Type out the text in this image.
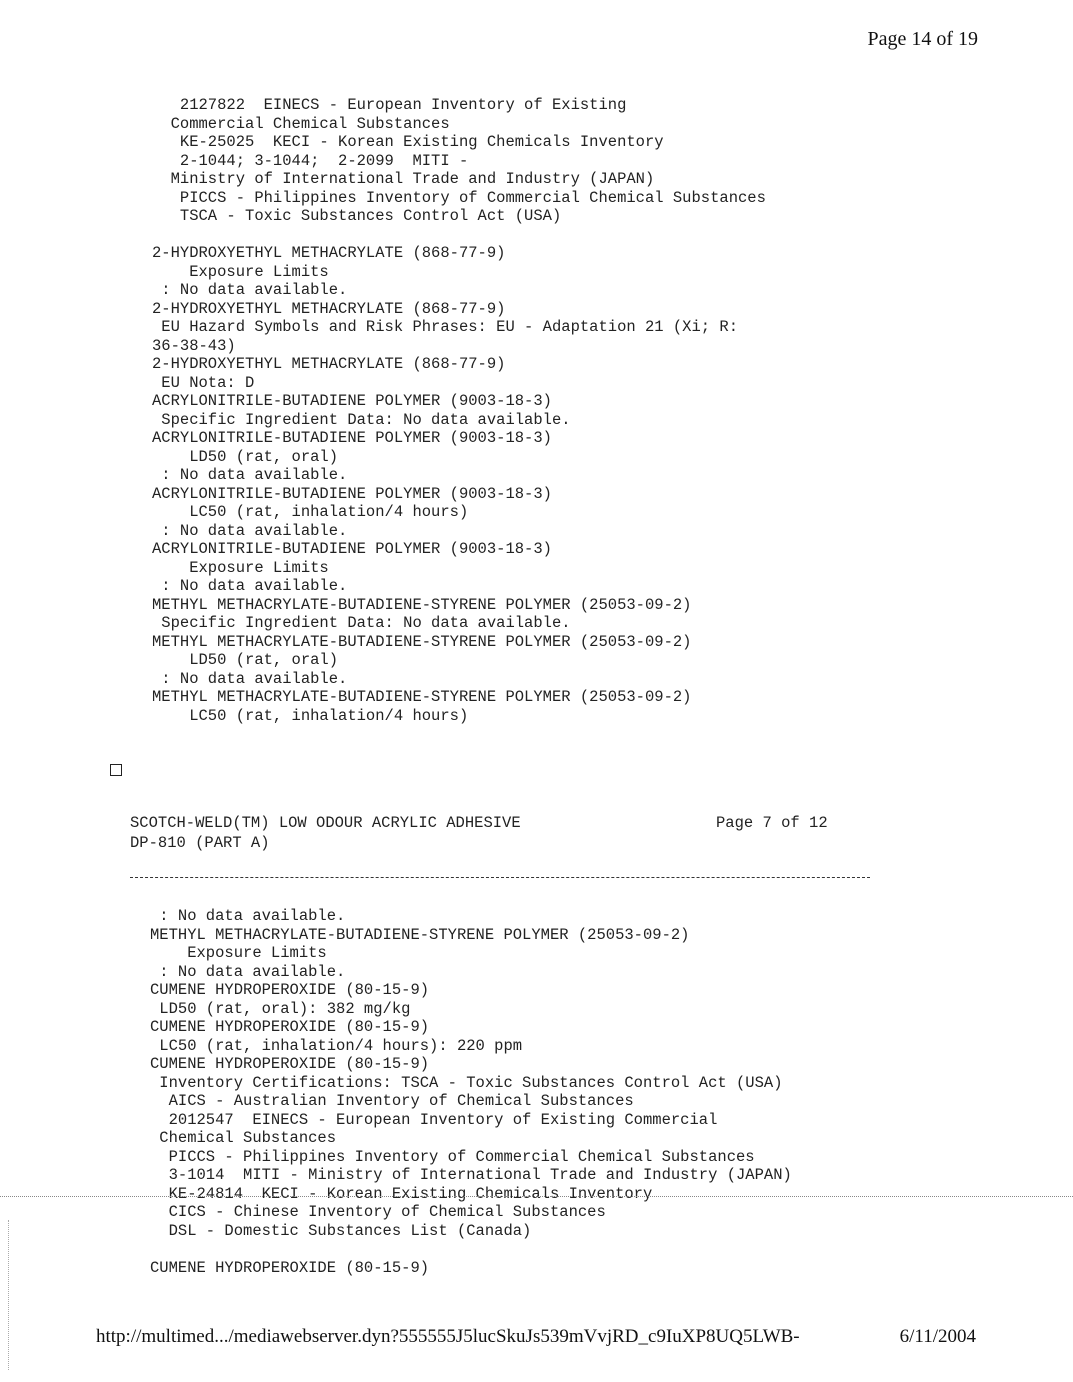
Page 14 of 19
2127822  EINECS - European Inventory of Existing
Commercial Chemical Substances
KE-25025  KECI - Korean Existing Chemicals Inventory
2-1044; 3-1044;  2-2099  MITI -
Ministry of International Trade and Industry (JAPAN)
PICCS - Philippines Inventory of Commercial Chemical Substances
TSCA - Toxic Substances Control Act (USA)
2-HYDROXYETHYL METHACRYLATE (868-77-9)
Exposure Limits
: No data available.
2-HYDROXYETHYL METHACRYLATE (868-77-9)
EU Hazard Symbols and Risk Phrases: EU - Adaptation 21 (Xi; R:
36-38-43)
2-HYDROXYETHYL METHACRYLATE (868-77-9)
EU Nota: D
ACRYLONITRILE-BUTADIENE POLYMER (9003-18-3)
Specific Ingredient Data: No data available.
ACRYLONITRILE-BUTADIENE POLYMER (9003-18-3)
LD50 (rat, oral)
: No data available.
ACRYLONITRILE-BUTADIENE POLYMER (9003-18-3)
LC50 (rat, inhalation/4 hours)
: No data available.
ACRYLONITRILE-BUTADIENE POLYMER (9003-18-3)
Exposure Limits
: No data available.
METHYL METHACRYLATE-BUTADIENE-STYRENE POLYMER (25053-09-2)
Specific Ingredient Data: No data available.
METHYL METHACRYLATE-BUTADIENE-STYRENE POLYMER (25053-09-2)
LD50 (rat, oral)
: No data available.
METHYL METHACRYLATE-BUTADIENE-STYRENE POLYMER (25053-09-2)
LC50 (rat, inhalation/4 hours)

SCOTCH-WELD(TM) LOW ODOUR ACRYLIC ADHESIVE

DP-810 (PART A)

Page 7 of 12

: No data available.
METHYL METHACRYLATE-BUTADIENE-STYRENE POLYMER (25053-09-2)
Exposure Limits
: No data available.
CUMENE HYDROPEROXIDE (80-15-9)
LD50 (rat, oral): 382 mg/kg
CUMENE HYDROPEROXIDE (80-15-9)
LC50 (rat, inhalation/4 hours): 220 ppm
CUMENE HYDROPEROXIDE (80-15-9)
Inventory Certifications: TSCA - Toxic Substances Control Act (USA)
AICS - Australian Inventory of Chemical Substances
2012547  EINECS - European Inventory of Existing Commercial
Chemical Substances
PICCS - Philippines Inventory of Commercial Chemical Substances
3-1014  MITI - Ministry of International Trade and Industry (JAPAN)
KE-24814  KECI - Korean Existing Chemicals Inventory
CICS - Chinese Inventory of Chemical Substances
DSL - Domestic Substances List (Canada)

CUMENE HYDROPEROXIDE (80-15-9)
http://multimed.../mediawebserver.dyn?555555J5lucSkuJs539mVvjRD_c9IuXP8UQ5LWB-	6/11/2004
